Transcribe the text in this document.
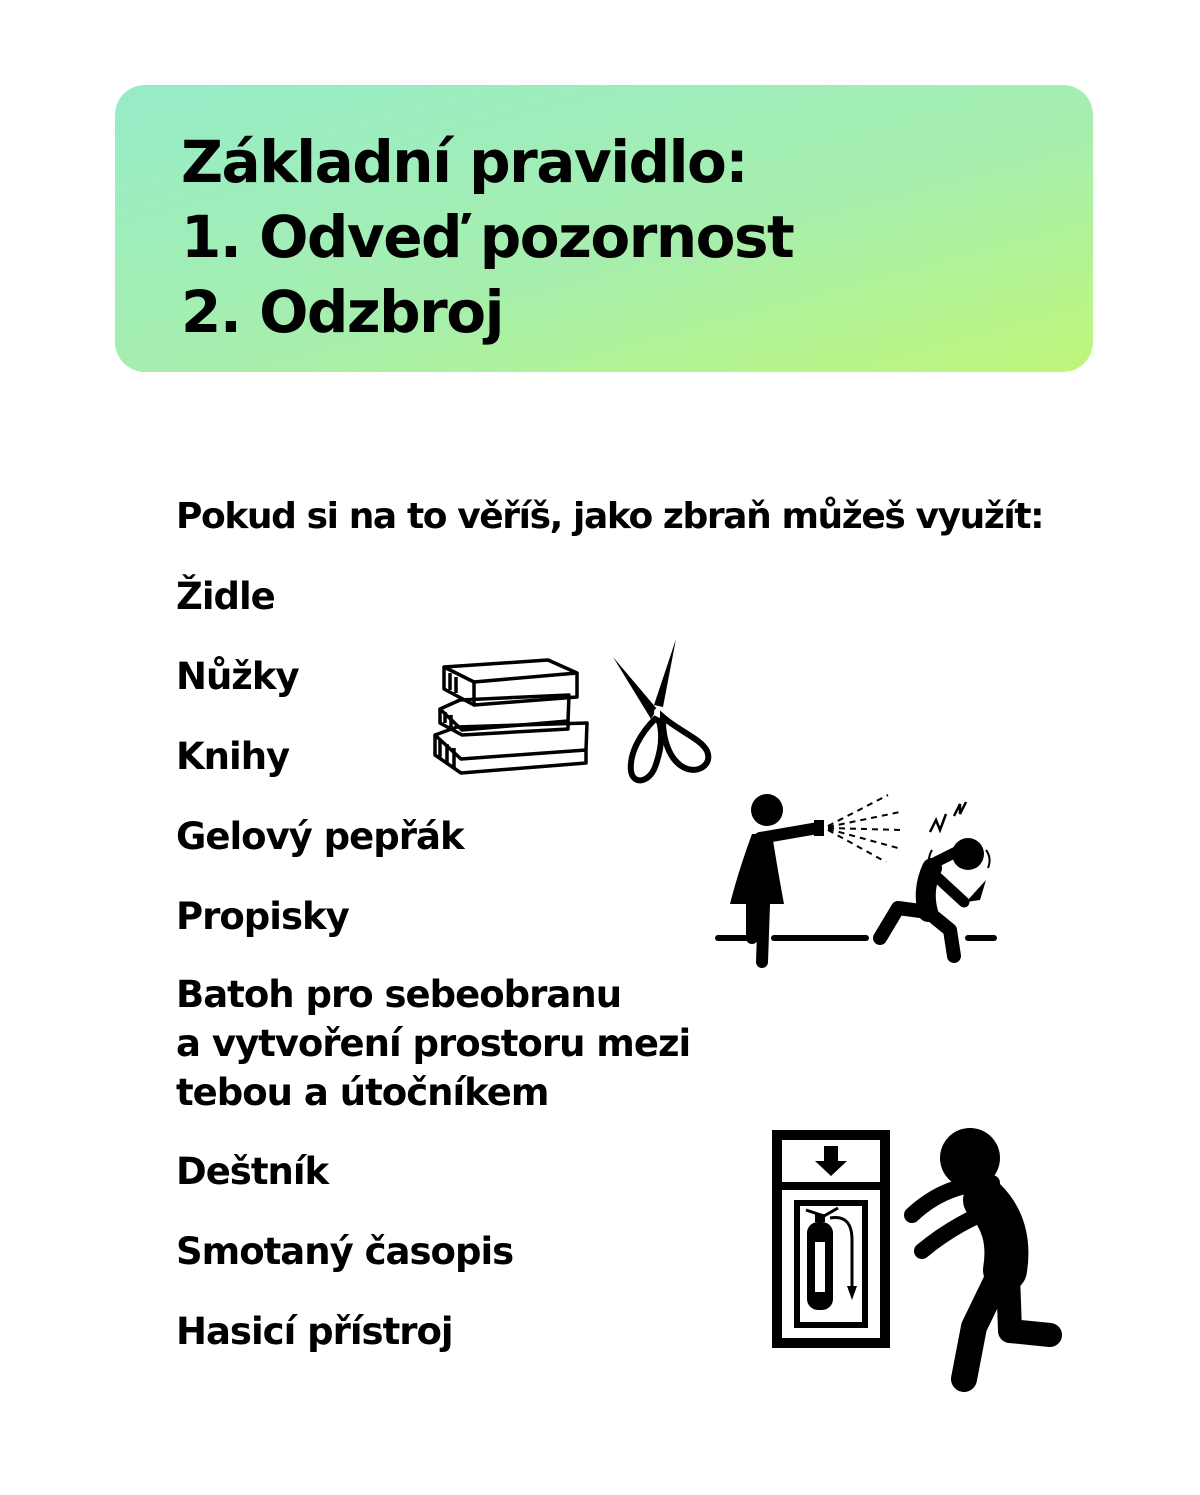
Základní pravidlo:
1. Odveď pozornost
2. Odzbroj

Pokud si na to věříš, jako zbraň můžeš využít:

Židle

Nůžky

Knihy

Gelový pepřák

Propisky

Batoh pro sebeobranu

a vytvoření prostoru mezi

tebou a útočníkem

Deštník

Smotaný časopis

Hasicí přístroj
